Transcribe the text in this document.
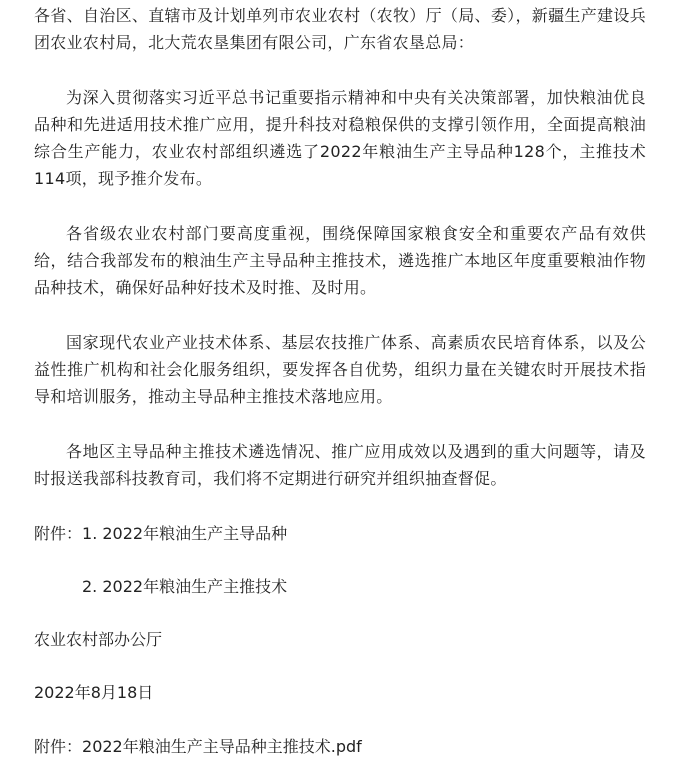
各省、自治区、直辖市及计划单列市农业农村（农牧）厅（局、委），新疆生产建设兵团农业农村局，北大荒农垦集团有限公司，广东省农垦总局：

为深入贯彻落实习近平总书记重要指示精神和中央有关决策部署，加快粮油优良品种和先进适用技术推广应用，提升科技对稳粮保供的支撑引领作用，全面提高粮油综合生产能力，农业农村部组织遴选了2022年粮油生产主导品种128个，主推技术114项，现予推介发布。

各省级农业农村部门要高度重视，围绕保障国家粮食安全和重要农产品有效供给，结合我部发布的粮油生产主导品种主推技术，遴选推广本地区年度重要粮油作物品种技术，确保好品种好技术及时推、及时用。

国家现代农业产业技术体系、基层农技推广体系、高素质农民培育体系，以及公益性推广机构和社会化服务组织，要发挥各自优势，组织力量在关键农时开展技术指导和培训服务，推动主导品种主推技术落地应用。

各地区主导品种主推技术遴选情况、推广应用成效以及遇到的重大问题等，请及时报送我部科技教育司，我们将不定期进行研究并组织抽查督促。

附件：1. 2022年粮油生产主导品种
2. 2022年粮油生产主推技术
农业农村部办公厅
2022年8月18日
附件：2022年粮油生产主导品种主推技术.pdf
